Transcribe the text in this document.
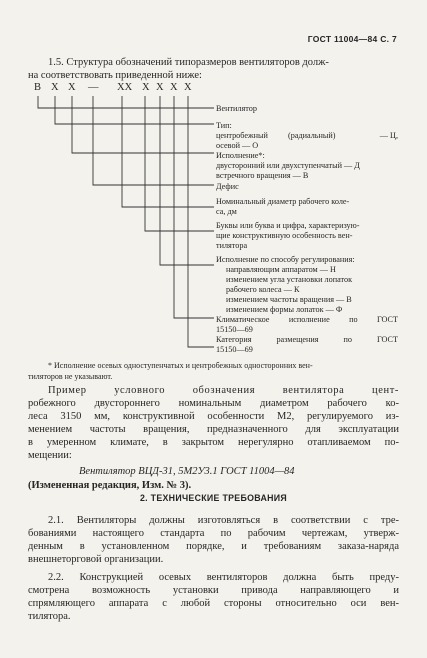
ГОСТ 11004—84 С. 7
1.5. Структура обозначений типоразмеров вентиляторов долж-
на соответствовать приведенной ниже:
В X X — XX X X X X
Вентилятор
Тип:
центробежный (радиальный)	— Ц,
осевой — О
Исполнение*:
двусторонний или двухступенчатый — Д
встречного вращения — В
Дефис
Номинальный диаметр рабочего коле-
са, дм
Буквы или буква и цифра, характеризую-
щие конструктивную особенность вен-
тилятора
Исполнение по способу регулирования:
направляющим аппаратом — Н
изменением угла установки лопаток
рабочего колеса — К
изменением частоты вращения — В
изменением формы лопаток — Ф
Климатическое исполнение по ГОСТ
15150—69
Категория размещения по ГОСТ
15150—69
* Исполнение осевых одноступенчатых и центробежных односторонних вен-
тиляторов не указывают.
Пример условного обозначения вентилятора цент-
робежного двустороннего номинальным диаметром рабочего ко-
леса 3150 мм, конструктивной особенности М2, регулируемого из-
менением частоты вращения, предназначенного для эксплуатации
в умеренном климате, в закрытом нерегулярно отапливаемом по-
мещении:
Вентилятор ВЦД-31, 5М2У3.1 ГОСТ 11004—84
(Измененная редакция, Изм. № 3).
2. ТЕХНИЧЕСКИЕ ТРЕБОВАНИЯ
2.1. Вентиляторы должны изготовляться в соответствии с тре-
бованиями настоящего стандарта по рабочим чертежам, утверж-
денным в установленном порядке, и требованиям заказа-наряда
внешнеторговой организации.
2.2. Конструкцией осевых вентиляторов должна быть преду-
смотрена возможность установки привода направляющего и
спрямляющего аппарата с любой стороны относительно оси вен-
тилятора.
